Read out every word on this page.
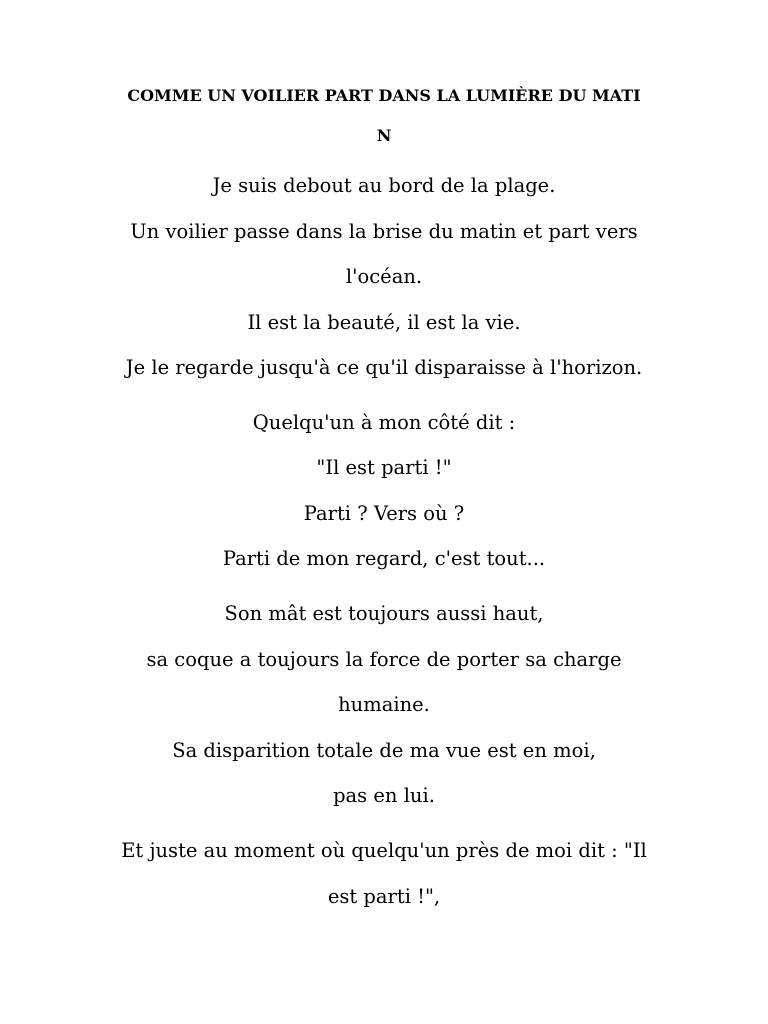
COMME UN VOILIER PART DANS LA LUMIÈRE DU MATI
N
Je suis debout au bord de la plage.
Un voilier passe dans la brise du matin et part vers
l'océan.
Il est la beauté, il est la vie.
Je le regarde jusqu'à ce qu'il disparaisse à l'horizon.
Quelqu'un à mon côté dit :
"Il est parti !"
Parti ? Vers où ?
Parti de mon regard, c'est tout...
Son mât est toujours aussi haut,
sa coque a toujours la force de porter sa charge
humaine.
Sa disparition totale de ma vue est en moi,
pas en lui.
Et juste au moment où quelqu'un près de moi dit : "Il
est parti !",
